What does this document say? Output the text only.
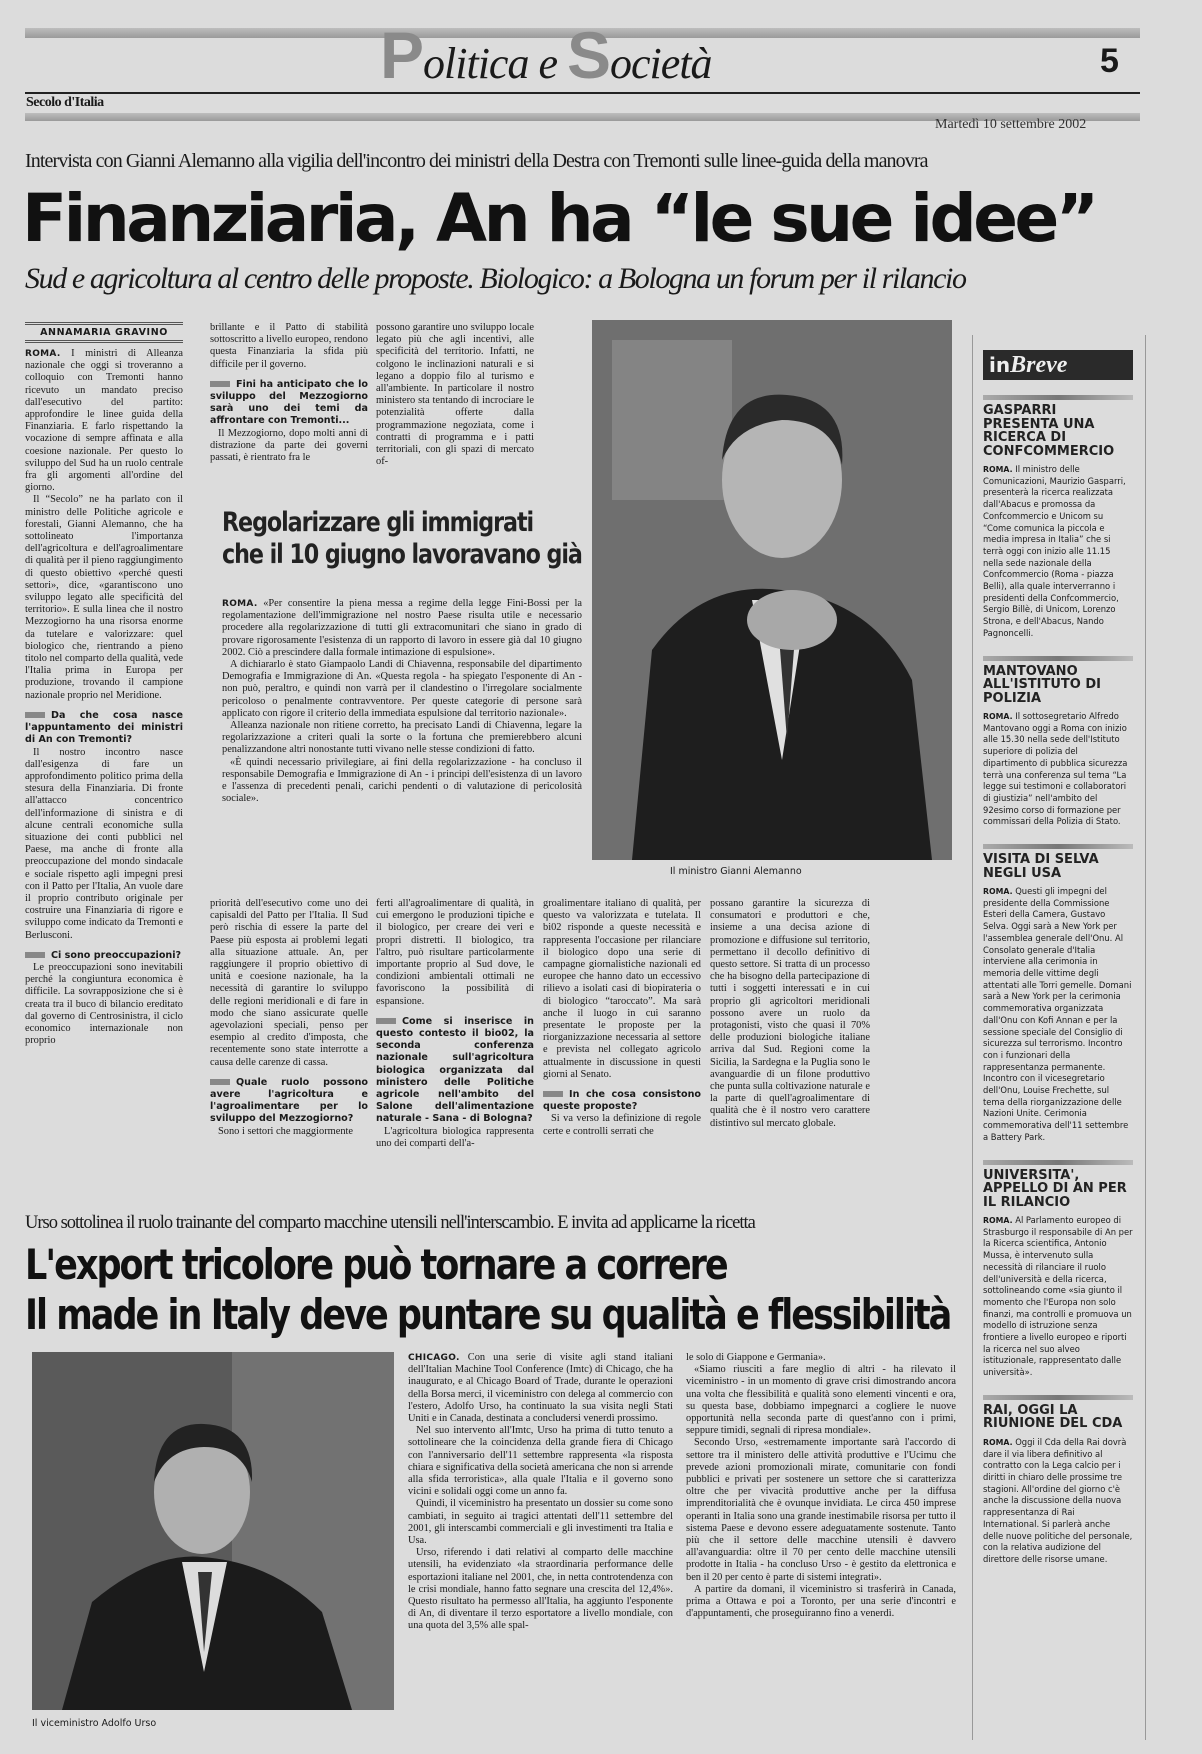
Politica e Società	5
Secolo d'Italia
Martedì 10 settembre 2002
Intervista con Gianni Alemanno alla vigilia dell'incontro dei ministri della Destra con Tremonti sulle linee-guida della manovra
Finanziaria, An ha “le sue idee”
Sud e agricoltura al centro delle proposte. Biologico: a Bologna un forum per il rilancio
ANNAMARIA GRAVINO

ROMA. I ministri di Alleanza nazionale che oggi si troveranno a colloquio con Tremonti hanno ricevuto un mandato preciso dall'esecutivo del partito: approfondire le linee guida della Finanziaria. E farlo rispettando la vocazione di sempre affinata e alla coesione nazionale. Per questo lo sviluppo del Sud ha un ruolo centrale fra gli argomenti all'ordine del giorno.

Il “Secolo” ne ha parlato con il ministro delle Politiche agricole e forestali, Gianni Alemanno, che ha sottolineato l'importanza dell'agricoltura e dell'agroalimentare di qualità per il pieno raggiungimento di questo obiettivo «perché questi settori», dice, «garantiscono uno sviluppo legato alle specificità del territorio». E sulla linea che il nostro Mezzogiorno ha una risorsa enorme da tutelare e valorizzare: quel biologico che, rientrando a pieno titolo nel comparto della qualità, vede l'Italia prima in Europa per produzione, trovando il campione nazionale proprio nel Meridione.

Da che cosa nasce l'appuntamento dei ministri di An con Tremonti?

Il nostro incontro nasce dall'esigenza di fare un approfondimento politico prima della stesura della Finanziaria. Di fronte all'attacco concentrico dell'informazione di sinistra e di alcune centrali economiche sulla situazione dei conti pubblici nel Paese, ma anche di fronte alla preoccupazione del mondo sindacale e sociale rispetto agli impegni presi con il Patto per l'Italia, An vuole dare il proprio contributo originale per costruire una Finanziaria di rigore e sviluppo come indicato da Tremonti e Berlusconi.

Ci sono preoccupazioni?

Le preoccupazioni sono inevitabili perché la congiuntura economica è difficile. La sovrapposizione che si è creata tra il buco di bilancio ereditato dal governo di Centrosinistra, il ciclo economico internazionale non proprio

brillante e il Patto di stabilità sottoscritto a livello europeo, rendono questa Finanziaria la sfida più difficile per il governo.

Fini ha anticipato che lo sviluppo del Mezzogiorno sarà uno dei temi da affrontare con Tremonti...

Il Mezzogiorno, dopo molti anni di distrazione da parte dei governi passati, è rientrato fra le

possono garantire uno sviluppo locale legato più che agli incentivi, alle specificità del territorio. Infatti, ne colgono le inclinazioni naturali e si legano a doppio filo al turismo e all'ambiente. In particolare il nostro ministero sta tentando di incrociare le potenzialità offerte dalla programmazione negoziata, come i contratti di programma e i patti territoriali, con gli spazi di mercato of-

Il ministro Gianni Alemanno
Regolarizzare gli immigrati
che il 10 giugno lavoravano già

ROMA. «Per consentire la piena messa a regime della legge Fini-Bossi per la regolamentazione dell'immigrazione nel nostro Paese risulta utile e necessario procedere alla regolarizzazione di tutti gli extracomunitari che siano in grado di provare rigorosamente l'esistenza di un rapporto di lavoro in essere già dal 10 giugno 2002. Ciò a prescindere dalla formale intimazione di espulsione».

A dichiararlo è stato Giampaolo Landi di Chiavenna, responsabile del dipartimento Demografia e Immigrazione di An. «Questa regola - ha spiegato l'esponente di An - non può, peraltro, e quindi non varrà per il clandestino o l'irregolare socialmente pericoloso o penalmente contravventore. Per queste categorie di persone sarà applicato con rigore il criterio della immediata espulsione dal territorio nazionale».

Alleanza nazionale non ritiene corretto, ha precisato Landi di Chiavenna, legare la regolarizzazione a criteri quali la sorte o la fortuna che premierebbero alcuni penalizzandone altri nonostante tutti vivano nelle stesse condizioni di fatto.

«È quindi necessario privilegiare, ai fini della regolarizzazione - ha concluso il responsabile Demografia e Immigrazione di An - i principi dell'esistenza di un lavoro e l'assenza di precedenti penali, carichi pendenti o di valutazione di pericolosità sociale».

priorità dell'esecutivo come uno dei capisaldi del Patto per l'Italia. Il Sud però rischia di essere la parte del Paese più esposta ai problemi legati alla situazione attuale. An, per raggiungere il proprio obiettivo di unità e coesione nazionale, ha la necessità di garantire lo sviluppo delle regioni meridionali e di fare in modo che siano assicurate quelle agevolazioni speciali, penso per esempio al credito d'imposta, che recentemente sono state interrotte a causa delle carenze di cassa.

Quale ruolo possono avere l'agricoltura e l'agroalimentare per lo sviluppo del Mezzogiorno?

Sono i settori che maggiormente

ferti all'agroalimentare di qualità, in cui emergono le produzioni tipiche e il biologico, per creare dei veri e propri distretti. Il biologico, tra l'altro, può risultare particolarmente importante proprio al Sud dove, le condizioni ambientali ottimali ne favoriscono la possibilità di espansione.

Come si inserisce in questo contesto il bio02, la seconda conferenza nazionale sull'agricoltura biologica organizzata dal ministero delle Politiche agricole nell'ambito del Salone dell'alimentazione naturale - Sana - di Bologna?

L'agricoltura biologica rappresenta uno dei comparti dell'a-

groalimentare italiano di qualità, per questo va valorizzata e tutelata. Il bi02 risponde a queste necessità e rappresenta l'occasione per rilanciare il biologico dopo una serie di campagne giornalistiche nazionali ed europee che hanno dato un eccessivo rilievo a isolati casi di biopirateria o di biologico “taroccato”. Ma sarà anche il luogo in cui saranno presentate le proposte per la riorganizzazione necessaria al settore e prevista nel collegato agricolo attualmente in discussione in questi giorni al Senato.

In che cosa consistono queste proposte?

Si va verso la definizione di regole certe e controlli serrati che

possano garantire la sicurezza di consumatori e produttori e che, insieme a una decisa azione di promozione e diffusione sul territorio, permettano il decollo definitivo di questo settore. Si tratta di un processo che ha bisogno della partecipazione di tutti i soggetti interessati e in cui proprio gli agricoltori meridionali possono avere un ruolo da protagonisti, visto che quasi il 70% delle produzioni biologiche italiane arriva dal Sud. Regioni come la Sicilia, la Sardegna e la Puglia sono le avanguardie di un filone produttivo che punta sulla coltivazione naturale e la parte di quell'agroalimentare di qualità che è il nostro vero carattere distintivo sul mercato globale.

Urso sottolinea il ruolo trainante del comparto macchine utensili nell'interscambio. E invita ad applicarne la ricetta
L'export tricolore può tornare a correre
Il made in Italy deve puntare su qualità e flessibilità
Il viceministro Adolfo Urso

CHICAGO. Con una serie di visite agli stand italiani dell'Italian Machine Tool Conference (Imtc) di Chicago, che ha inaugurato, e al Chicago Board of Trade, durante le operazioni della Borsa merci, il viceministro con delega al commercio con l'estero, Adolfo Urso, ha continuato la sua visita negli Stati Uniti e in Canada, destinata a concludersi venerdì prossimo.

Nel suo intervento all'Imtc, Urso ha prima di tutto tenuto a sottolineare che la coincidenza della grande fiera di Chicago con l'anniversario dell'11 settembre rappresenta «la risposta chiara e significativa della società americana che non si arrende alla sfida terroristica», alla quale l'Italia e il governo sono vicini e solidali oggi come un anno fa.

Quindi, il viceministro ha presentato un dossier su come sono cambiati, in seguito ai tragici attentati dell'11 settembre del 2001, gli interscambi commerciali e gli investimenti tra Italia e Usa.

Urso, riferendo i dati relativi al comparto delle macchine utensili, ha evidenziato «la straordinaria performance delle esportazioni italiane nel 2001, che, in netta controtendenza con le crisi mondiale, hanno fatto segnare una crescita del 12,4%». Questo risultato ha permesso all'Italia, ha aggiunto l'esponente di An, di diventare il terzo esportatore a livello mondiale, con una quota del 3,5% alle spal-

le solo di Giappone e Germania».

«Siamo riusciti a fare meglio di altri - ha rilevato il viceministro - in un momento di grave crisi dimostrando ancora una volta che flessibilità e qualità sono elementi vincenti e ora, su questa base, dobbiamo impegnarci a cogliere le nuove opportunità nella seconda parte di quest'anno con i primi, seppure timidi, segnali di ripresa mondiale».

Secondo Urso, «estremamente importante sarà l'accordo di settore tra il ministero delle attività produttive e l'Ucimu che prevede azioni promozionali mirate, comunitarie con fondi pubblici e privati per sostenere un settore che si caratterizza oltre che per vivacità produttive anche per la diffusa imprenditorialità che è ovunque invidiata. Le circa 450 imprese operanti in Italia sono una grande inestimabile risorsa per tutto il sistema Paese e devono essere adeguatamente sostenute. Tanto più che il settore delle macchine utensili è davvero all'avanguardia: oltre il 70 per cento delle macchine utensili prodotte in Italia - ha concluso Urso - è gestito da elettronica e ben il 20 per cento è parte di sistemi integrati».

A partire da domani, il viceministro si trasferirà in Canada, prima a Ottawa e poi a Toronto, per una serie d'incontri e d'appuntamenti, che proseguiranno fino a venerdì.

inBreve
GASPARRI PRESENTA UNA RICERCA DI CONFCOMMERCIO
ROMA. Il ministro delle Comunicazioni, Maurizio Gasparri, presenterà la ricerca realizzata dall'Abacus e promossa da Confcommercio e Unicom su “Come comunica la piccola e media impresa in Italia” che si terrà oggi con inizio alle 11.15 nella sede nazionale della Confcommercio (Roma - piazza Belli), alla quale interverranno i presidenti della Confcommercio, Sergio Billè, di Unicom, Lorenzo Strona, e dell'Abacus, Nando Pagnoncelli.
MANTOVANO ALL'ISTITUTO DI POLIZIA
ROMA. Il sottosegretario Alfredo Mantovano oggi a Roma con inizio alle 15.30 nella sede dell'Istituto superiore di polizia del dipartimento di pubblica sicurezza terrà una conferenza sul tema “La legge sui testimoni e collaboratori di giustizia” nell'ambito del 92esimo corso di formazione per commissari della Polizia di Stato.
VISITA DI SELVA NEGLI USA
ROMA. Questi gli impegni del presidente della Commissione Esteri della Camera, Gustavo Selva. Oggi sarà a New York per l'assemblea generale dell'Onu. Al Consolato generale d'Italia interviene alla cerimonia in memoria delle vittime degli attentati alle Torri gemelle. Domani sarà a New York per la cerimonia commemorativa organizzata dall'Onu con Kofi Annan e per la sessione speciale del Consiglio di sicurezza sul terrorismo. Incontro con i funzionari della rappresentanza permanente. Incontro con il vicesegretario dell'Onu, Louise Frechette, sul tema della riorganizzazione delle Nazioni Unite. Cerimonia commemorativa dell'11 settembre a Battery Park.
UNIVERSITA', APPELLO DI AN PER IL RILANCIO
ROMA. Al Parlamento europeo di Strasburgo il responsabile di An per la Ricerca scientifica, Antonio Mussa, è intervenuto sulla necessità di rilanciare il ruolo dell'università e della ricerca, sottolineando come «sia giunto il momento che l'Europa non solo finanzi, ma controlli e promuova un modello di istruzione senza frontiere a livello europeo e riporti la ricerca nel suo alveo istituzionale, rappresentato dalle università».
RAI, OGGI LA RIUNIONE DEL CDA
ROMA. Oggi il Cda della Rai dovrà dare il via libera definitivo al contratto con la Lega calcio per i diritti in chiaro delle prossime tre stagioni. All'ordine del giorno c'è anche la discussione della nuova rappresentanza di Rai International. Si parlerà anche delle nuove politiche del personale, con la relativa audizione del direttore delle risorse umane.
